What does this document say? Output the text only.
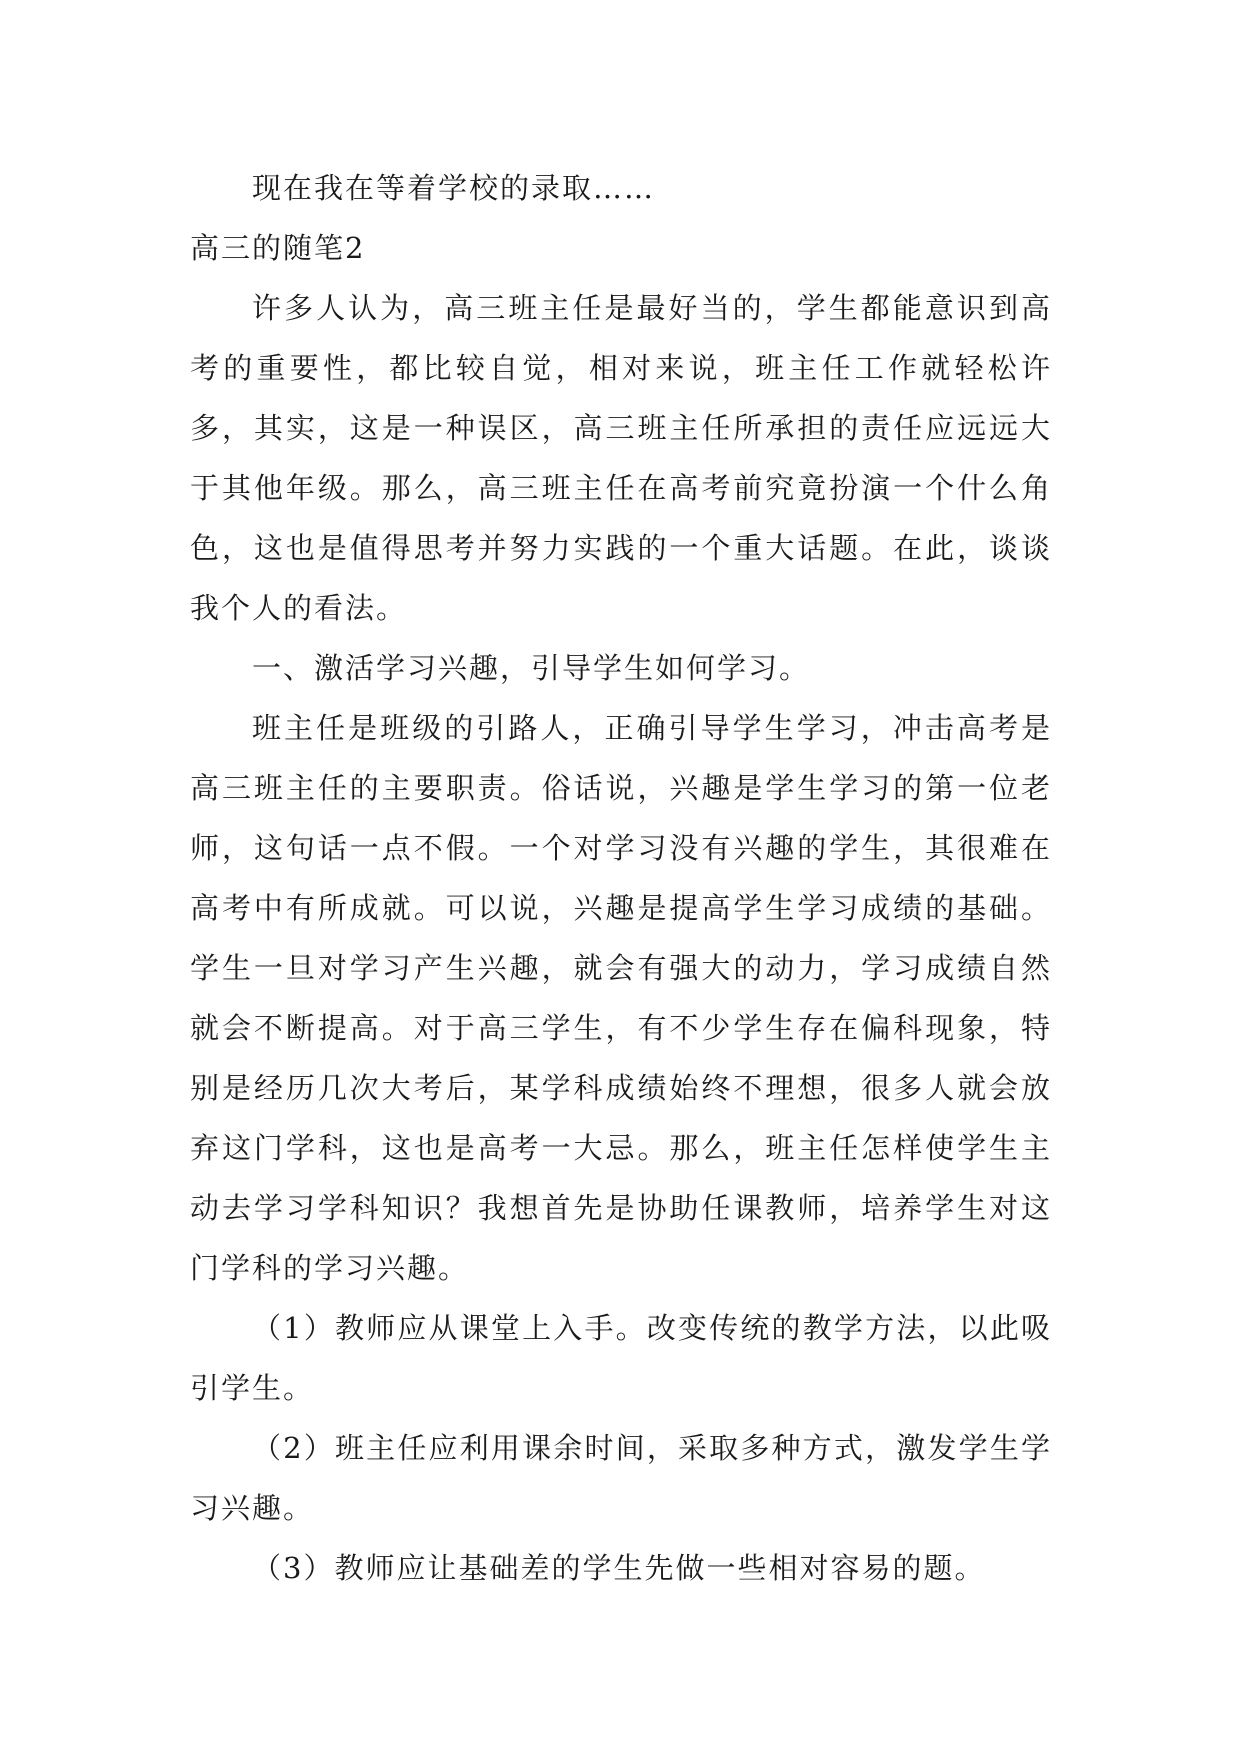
现在我在等着学校的录取……

高三的随笔2

许多人认为，高三班主任是最好当的，学生都能意识到高考的重要性，都比较自觉，相对来说，班主任工作就轻松许多，其实，这是一种误区，高三班主任所承担的责任应远远大于其他年级。那么，高三班主任在高考前究竟扮演一个什么角色，这也是值得思考并努力实践的一个重大话题。在此，谈谈我个人的看法。

一、激活学习兴趣，引导学生如何学习。

班主任是班级的引路人，正确引导学生学习，冲击高考是高三班主任的主要职责。俗话说，兴趣是学生学习的第一位老师，这句话一点不假。一个对学习没有兴趣的学生，其很难在高考中有所成就。可以说，兴趣是提高学生学习成绩的基础。学生一旦对学习产生兴趣，就会有强大的动力，学习成绩自然就会不断提高。对于高三学生，有不少学生存在偏科现象，特别是经历几次大考后，某学科成绩始终不理想，很多人就会放弃这门学科，这也是高考一大忌。那么，班主任怎样使学生主动去学习学科知识？我想首先是协助任课教师，培养学生对这门学科的学习兴趣。

（1）教师应从课堂上入手。改变传统的教学方法，以此吸引学生。

（2）班主任应利用课余时间，采取多种方式，激发学生学习兴趣。

（3）教师应让基础差的学生先做一些相对容易的题。
